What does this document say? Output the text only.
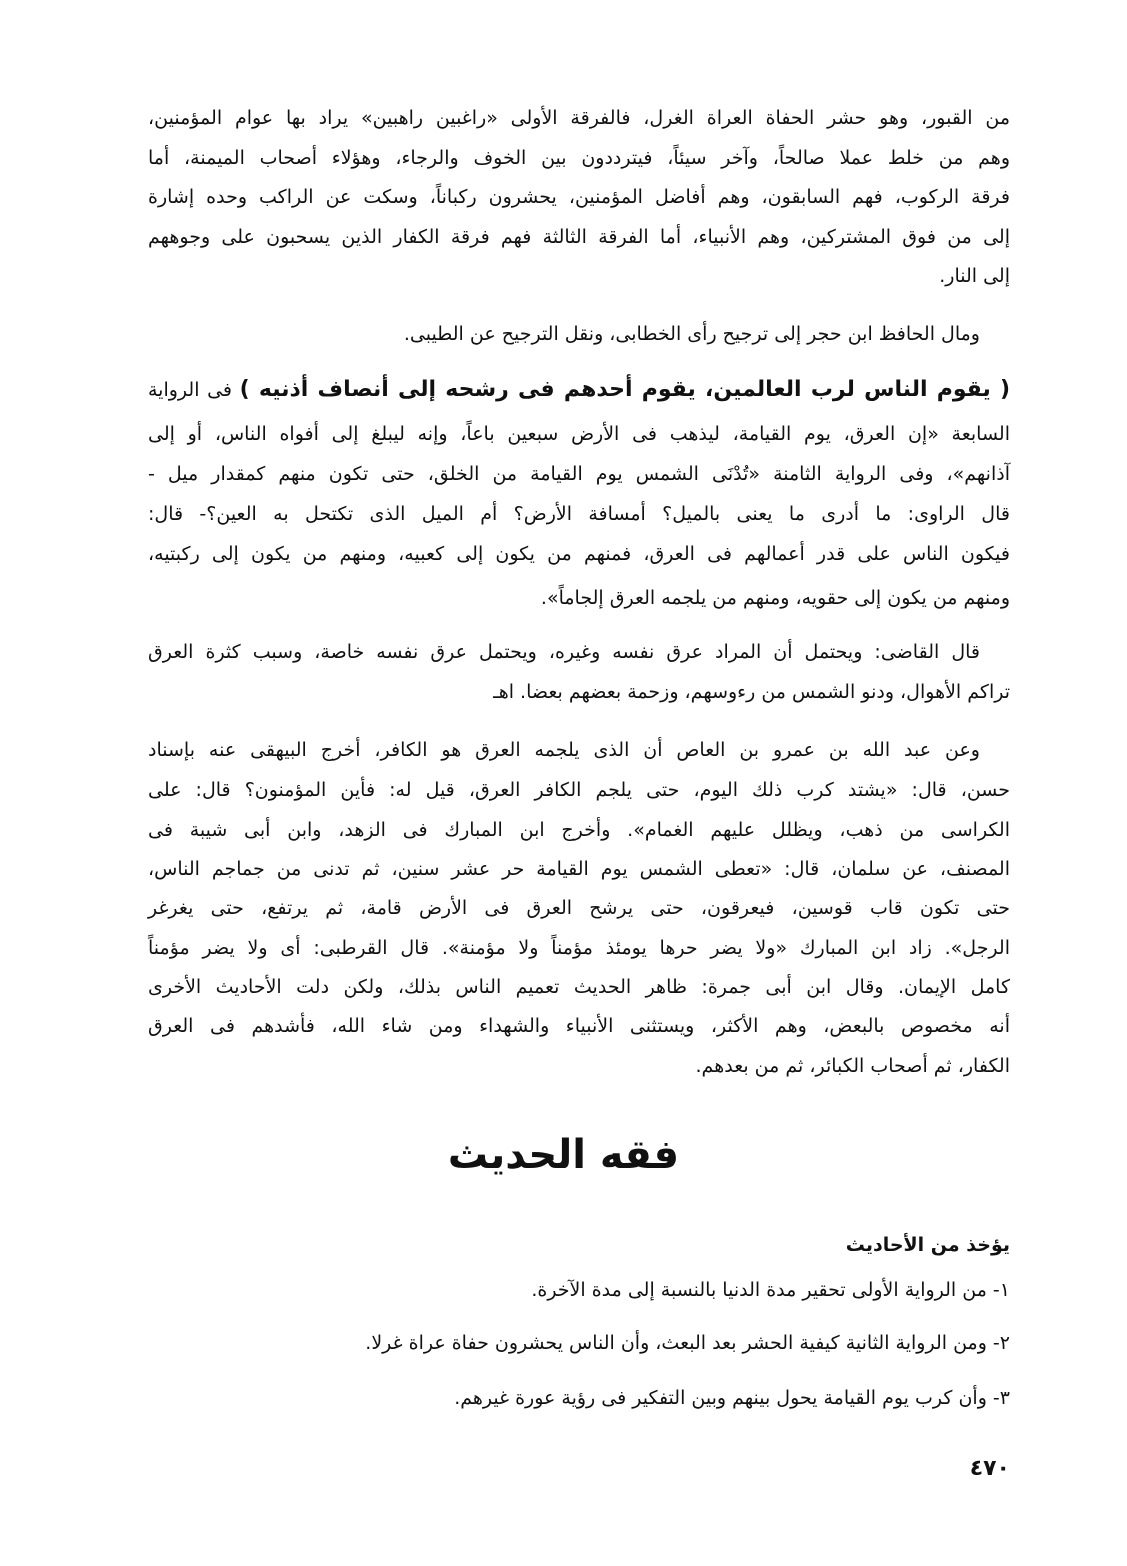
من القبور، وهو حشر الحفاة العراة الغرل، فالفرقة الأولى «راغبين راهبين» يراد بها عوام المؤمنين،
وهم من خلط عملا صالحاً، وآخر سيئاً، فيترددون بين الخوف والرجاء، وهؤلاء أصحاب الميمنة، أما
فرقة الركوب، فهم السابقون، وهم أفاضل المؤمنين، يحشرون ركباناً، وسكت عن الراكب وحده إشارة
إلى من فوق المشتركين، وهم الأنبياء، أما الفرقة الثالثة فهم فرقة الكفار الذين يسحبون على وجوههم
إلى النار.
ومال الحافظ ابن حجر إلى ترجيح رأى الخطابى، ونقل الترجيح عن الطيبى.
( يقوم الناس لرب العالمين، يقوم أحدهم فى رشحه إلى أنصاف أذنيه ) فى الرواية
السابعة «إن العرق، يوم القيامة، ليذهب فى الأرض سبعين باعاً، وإنه ليبلغ إلى أفواه الناس، أو إلى
آذانهم»، وفى الرواية الثامنة «تُدْنَى الشمس يوم القيامة من الخلق، حتى تكون منهم كمقدار ميل -
قال الراوى: ما أدرى ما يعنى بالميل؟ أمسافة الأرض؟ أم الميل الذى تكتحل به العين؟- قال:
فيكون الناس على قدر أعمالهم فى العرق، فمنهم من يكون إلى كعبيه، ومنهم من يكون إلى ركبتيه،
ومنهم من يكون إلى حقويه، ومنهم من يلجمه العرق إلجاماً».
قال القاضى: ويحتمل أن المراد عرق نفسه وغيره، ويحتمل عرق نفسه خاصة، وسبب كثرة العرق
تراكم الأهوال، ودنو الشمس من رءوسهم، وزحمة بعضهم بعضا. اهـ
وعن عبد الله بن عمرو بن العاص أن الذى يلجمه العرق هو الكافر، أخرج البيهقى عنه بإسناد
حسن، قال: «يشتد كرب ذلك اليوم، حتى يلجم الكافر العرق، قيل له: فأين المؤمنون؟ قال: على
الكراسى من ذهب، ويظلل عليهم الغمام». وأخرج ابن المبارك فى الزهد، وابن أبى شيبة فى
المصنف، عن سلمان، قال: «تعطى الشمس يوم القيامة حر عشر سنين، ثم تدنى من جماجم الناس،
حتى تكون قاب قوسين، فيعرقون، حتى يرشح العرق فى الأرض قامة، ثم يرتفع، حتى يغرغر
الرجل». زاد ابن المبارك «ولا يضر حرها يومئذ مؤمناً ولا مؤمنة». قال القرطبى: أى ولا يضر مؤمناً
كامل الإيمان. وقال ابن أبى جمرة: ظاهر الحديث تعميم الناس بذلك، ولكن دلت الأحاديث الأخرى
أنه مخصوص بالبعض، وهم الأكثر، ويستثنى الأنبياء والشهداء ومن شاء الله، فأشدهم فى العرق
الكفار، ثم أصحاب الكبائر، ثم من بعدهم.
فقه الحديث
يؤخذ من الأحاديث
١- من الرواية الأولى تحقير مدة الدنيا بالنسبة إلى مدة الآخرة.
٢- ومن الرواية الثانية كيفية الحشر بعد البعث، وأن الناس يحشرون حفاة عراة غرلا.
٣- وأن كرب يوم القيامة يحول بينهم وبين التفكير فى رؤية عورة غيرهم.
٤٧٠
